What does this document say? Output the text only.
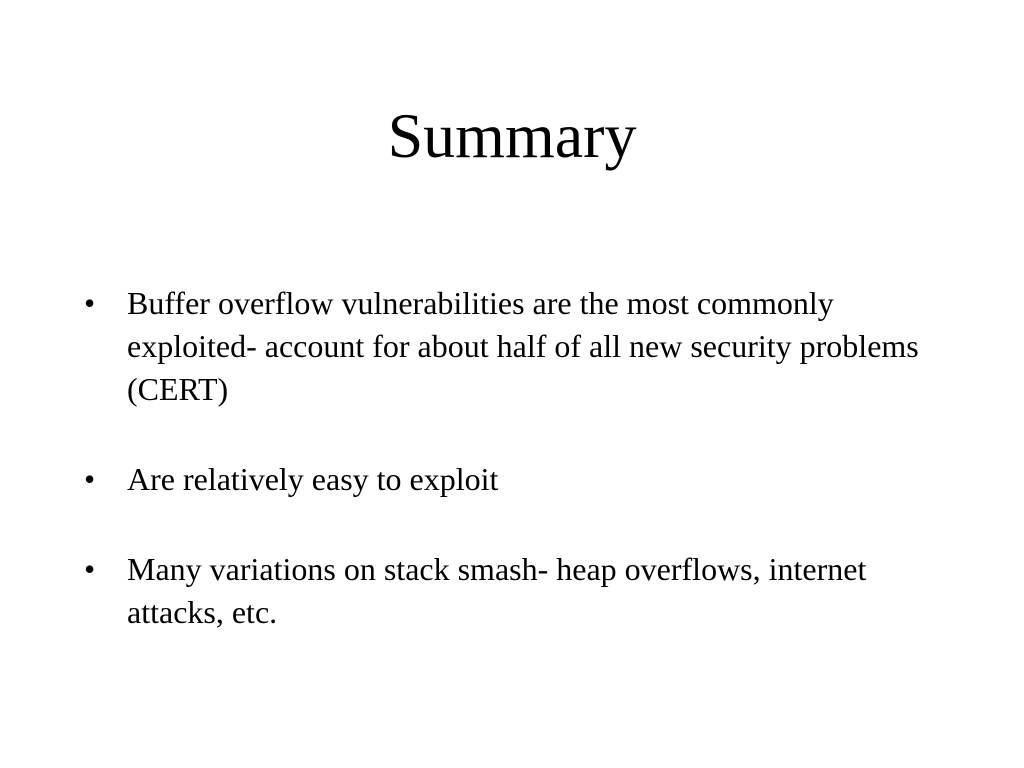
Summary
• Buffer overflow vulnerabilities are the most commonly exploited- account for about half of all new security problems (CERT)
• Are relatively easy to exploit
• Many variations on stack smash- heap overflows, internet attacks, etc.
